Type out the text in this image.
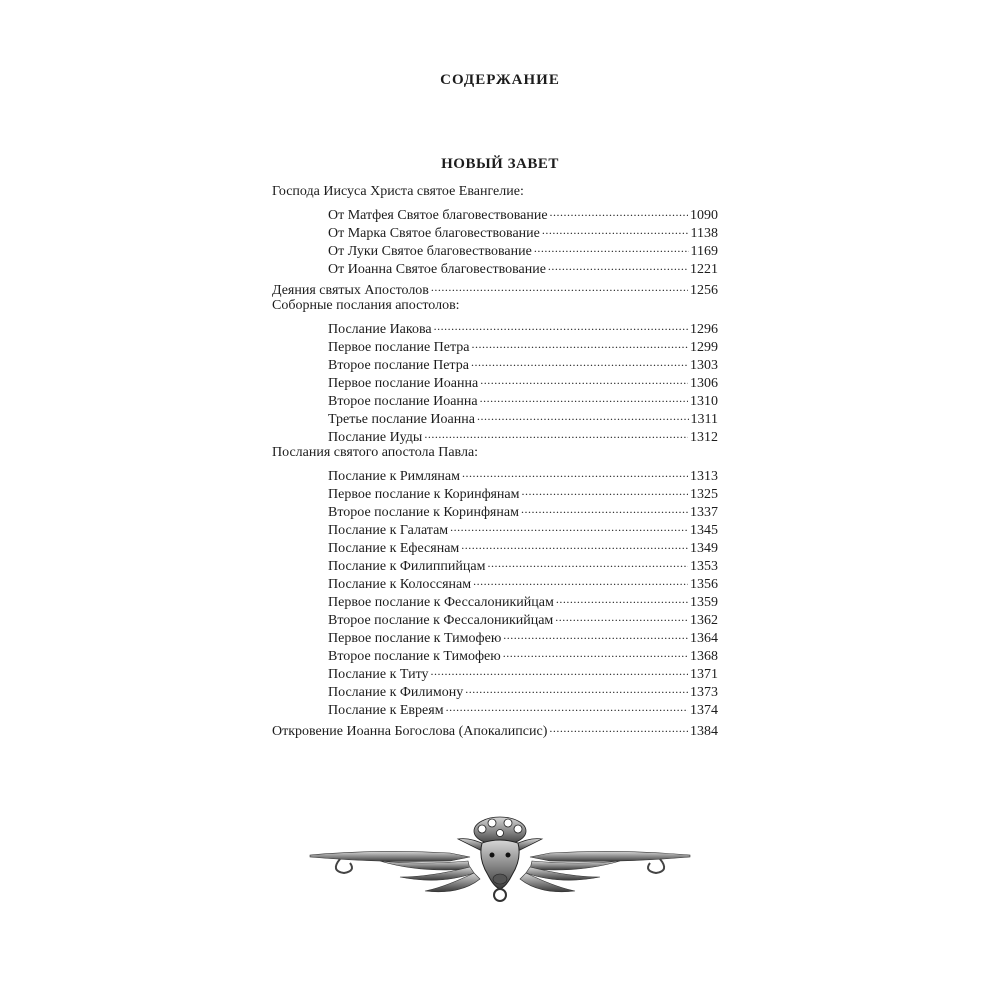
СОДЕРЖАНИЕ
НОВЫЙ ЗАВЕТ
Господа Иисуса Христа святое Евангелие:
От Матфея Святое благовествование .....	1090
От Марка Святое благовествование .....	1138
От Луки Святое благовествование .....	1169
От Иоанна Святое благовествование .....	1221
Деяния святых Апостолов .....	1256
Соборные послания апостолов:
Послание Иакова .....	1296
Первое послание Петра .....	1299
Второе послание Петра .....	1303
Первое послание Иоанна .....	1306
Второе послание Иоанна .....	1310
Третье послание Иоанна .....	1311
Послание Иуды .....	1312
Послания святого апостола Павла:
Послание к Римлянам .....	1313
Первое послание к Коринфянам .....	1325
Второе послание к Коринфянам .....	1337
Послание к Галатам .....	1345
Послание к Ефесянам .....	1349
Послание к Филиппийцам .....	1353
Послание к Колоссянам .....	1356
Первое послание к Фессалоникийцам .....	1359
Второе послание к Фессалоникийцам .....	1362
Первое послание к Тимофею .....	1364
Второе послание к Тимофею .....	1368
Послание к Титу .....	1371
Послание к Филимону .....	1373
Послание к Евреям .....	1374
Откровение Иоанна Богослова (Апокалипсис) .....	1384
